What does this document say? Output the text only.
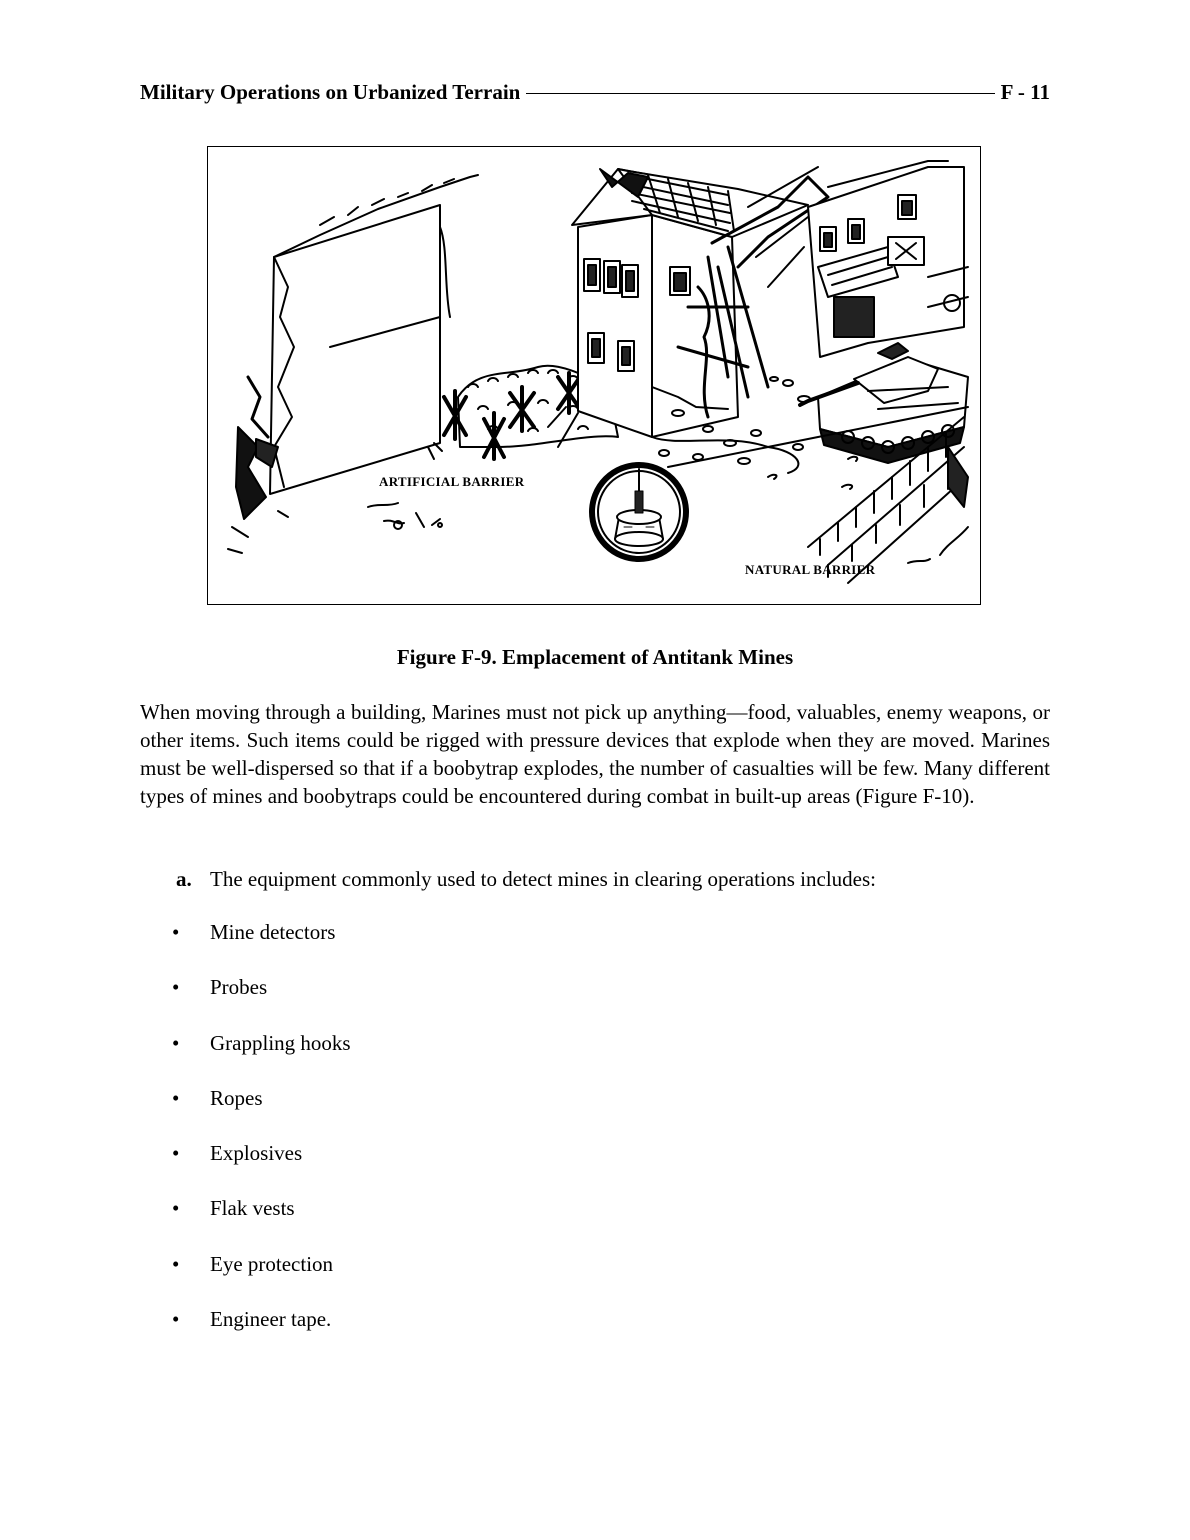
Military Operations on Urbanized Terrain	F - 11
ARTIFICIAL BARRIER
NATURAL BARRIER
Figure F-9. Emplacement of Antitank Mines

When moving through a building, Marines must not pick up anything—food, valuables, enemy weapons, or other items. Such items could be rigged with pressure devices that explode when they are moved. Marines must be well-dispersed so that if a boobytrap explodes, the number of casualties will be few. Many different types of mines and boobytraps could be encountered during combat in built-up areas (Figure F-10).

a. The equipment commonly used to detect mines in clearing operations includes:
•	Mine detectors
•	Probes
•	Grappling hooks
•	Ropes
•	Explosives
•	Flak vests
•	Eye protection
•	Engineer tape.
